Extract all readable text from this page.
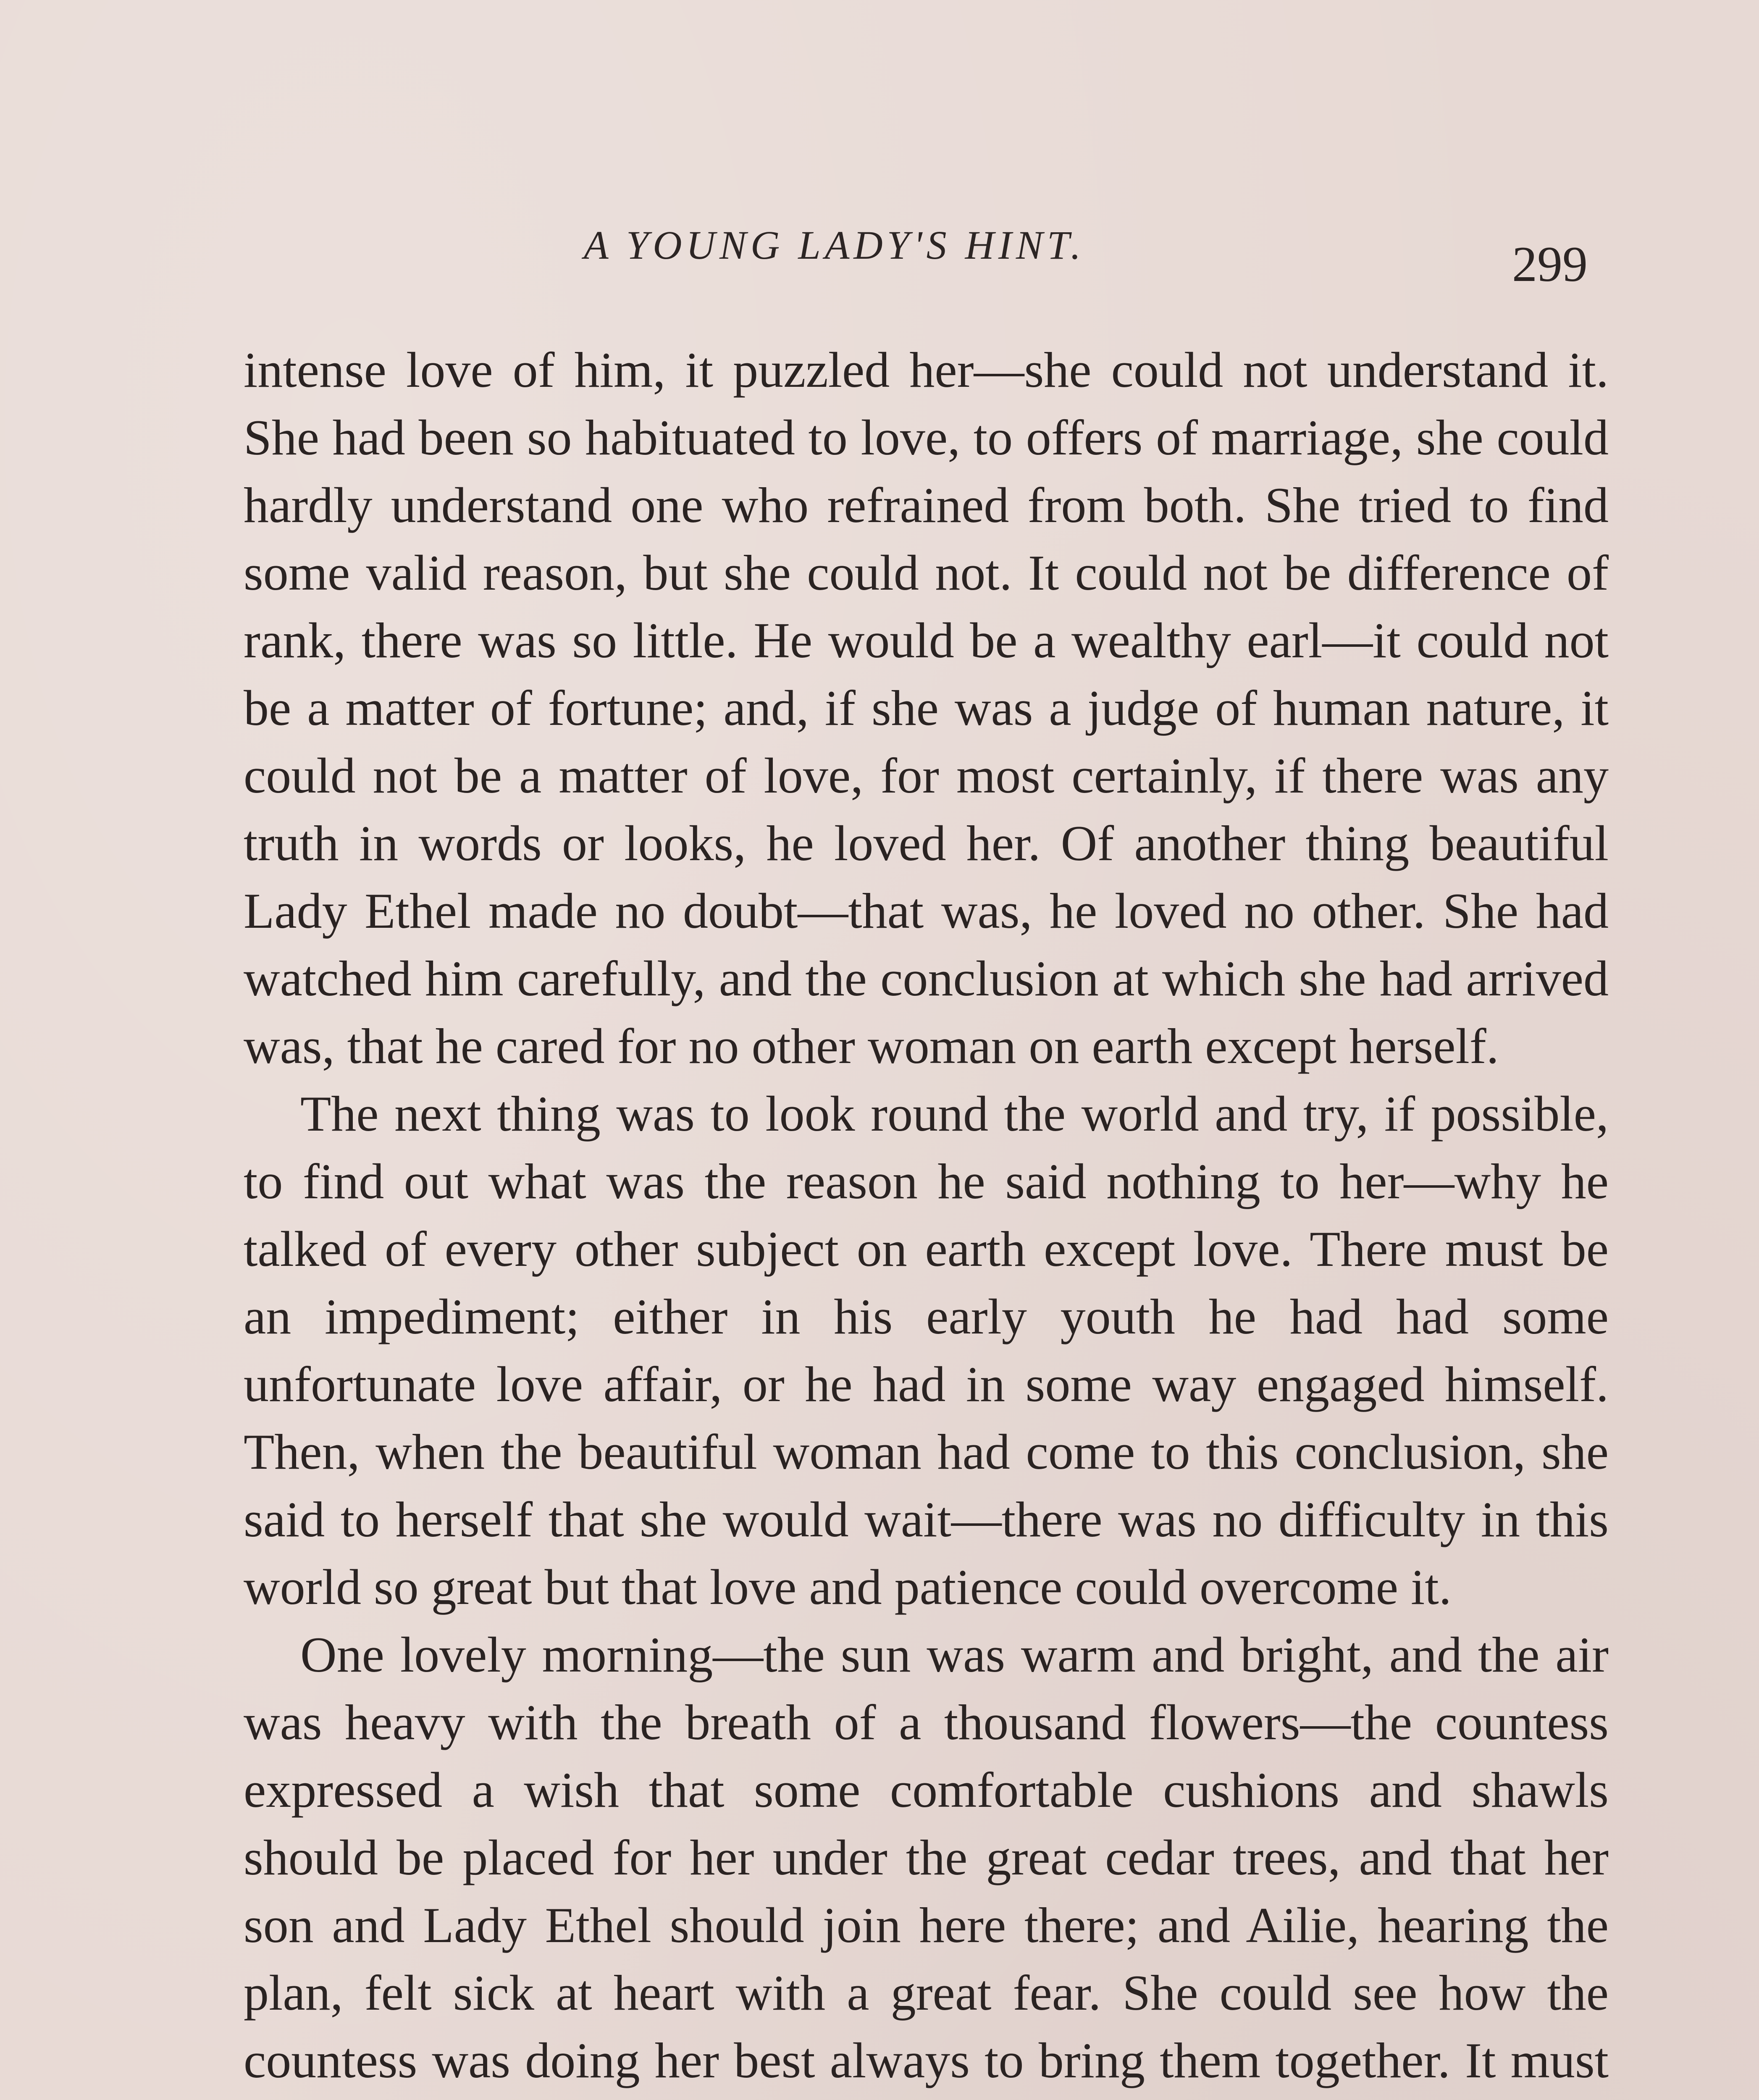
A YOUNG LADY'S HINT.	299

intense love of him, it puzzled her—she could not understand it. She had been so habituated to love, to offers of marriage, she could hardly understand one who refrained from both. She tried to find some valid reason, but she could not. It could not be difference of rank, there was so little. He would be a wealthy earl—it could not be a matter of fortune; and, if she was a judge of human nature, it could not be a matter of love, for most certainly, if there was any truth in words or looks, he loved her. Of another thing beautiful Lady Ethel made no doubt—that was, he loved no other. She had watched him carefully, and the conclusion at which she had arrived was, that he cared for no other woman on earth except herself.

The next thing was to look round the world and try, if possible, to find out what was the reason he said nothing to her—why he talked of every other subject on earth except love. There must be an impediment; either in his early youth he had had some unfortunate love affair, or he had in some way engaged himself. Then, when the beautiful woman had come to this conclusion, she said to herself that she would wait—there was no difficulty in this world so great but that love and patience could overcome it.

One lovely morning—the sun was warm and bright, and the air was heavy with the breath of a thousand flowers—the countess expressed a wish that some comfortable cushions and shawls should be placed for her under the great cedar trees, and that her son and Lady Ethel should join here there; and Ailie, hearing the plan, felt sick at heart with a great fear. She could see how the countess was doing her best always to bring them together. It must
